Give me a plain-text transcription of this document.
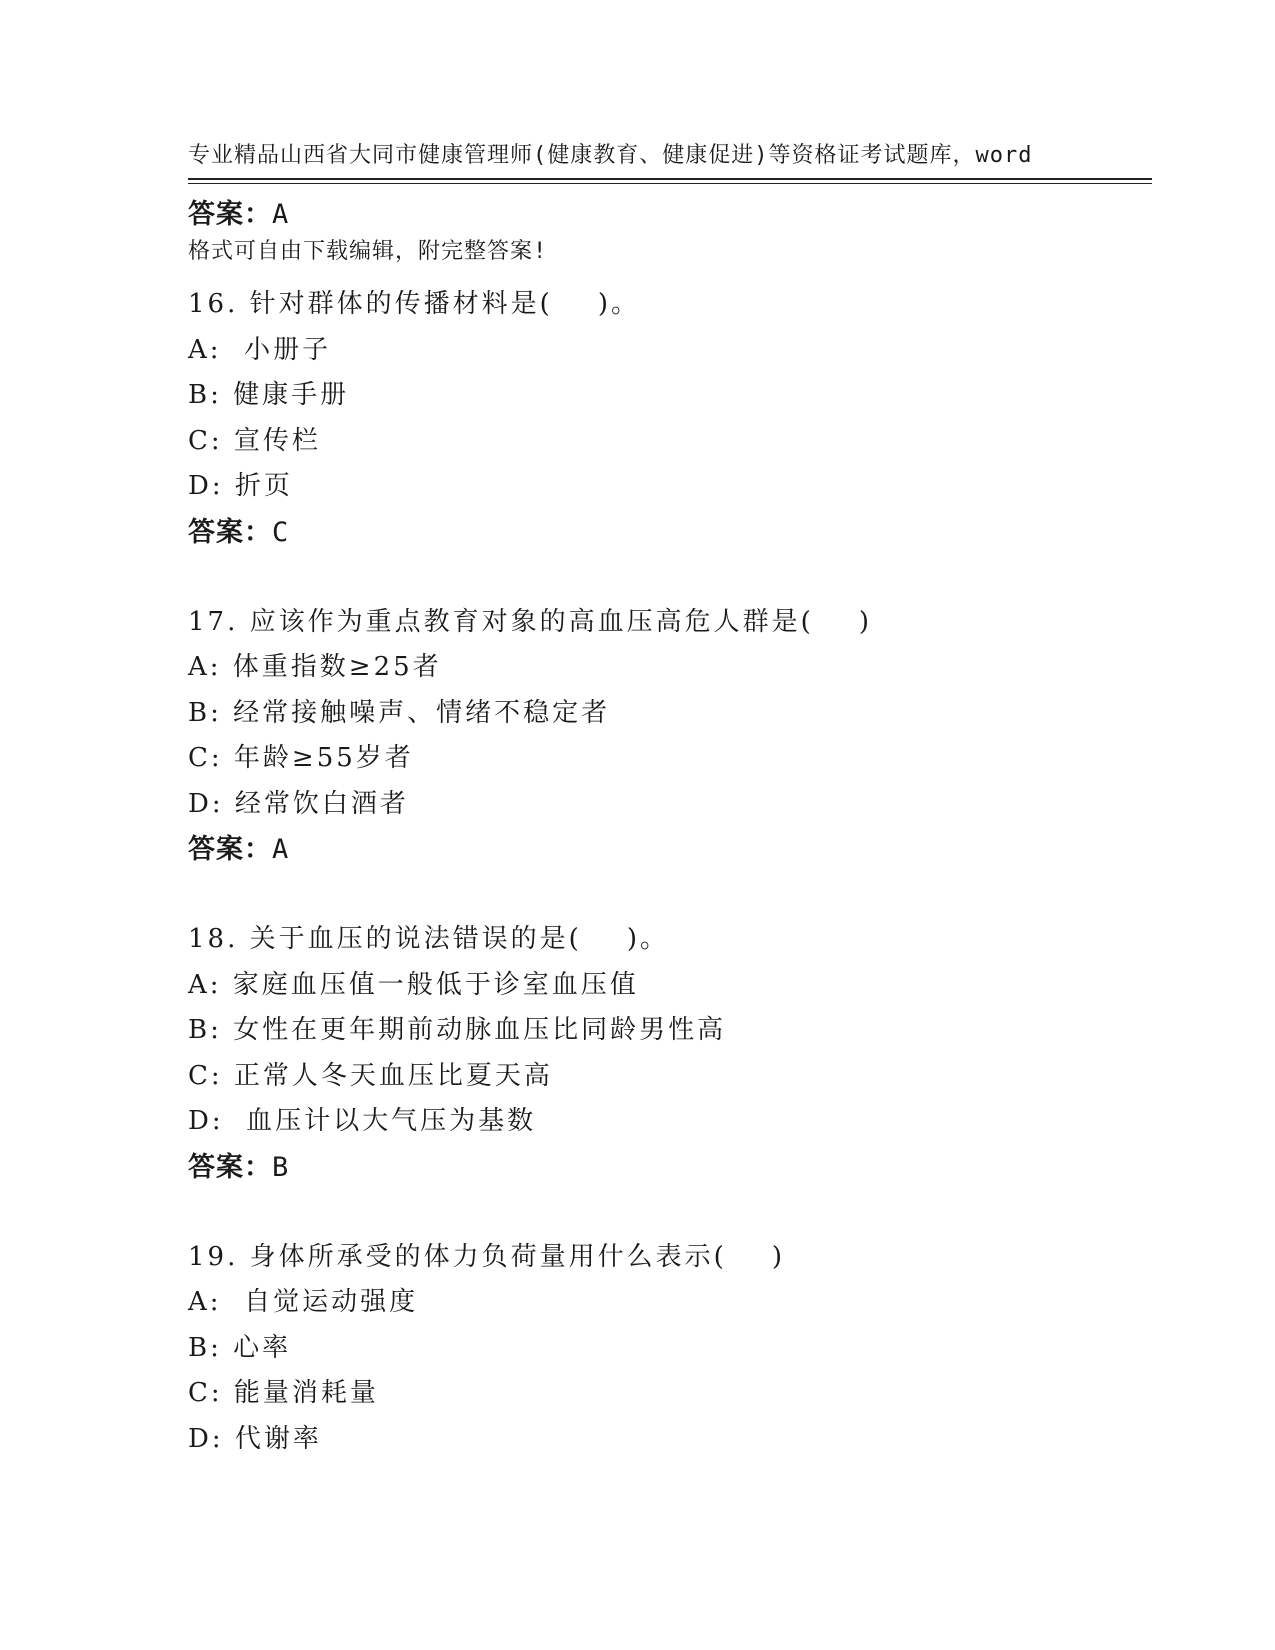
专业精品山西省大同市健康管理师(健康教育、健康促进)等资格证考试题库，word

格式可自由下载编辑，附完整答案!

答案：A
16. 针对群体的传播材料是(    )。
A:  小册子
B: 健康手册
C: 宣传栏
D: 折页
答案：C
17. 应该作为重点教育对象的高血压高危人群是(    )
A: 体重指数≥25者
B: 经常接触噪声、情绪不稳定者
C: 年龄≥55岁者
D: 经常饮白酒者
答案：A
18. 关于血压的说法错误的是(    )。
A: 家庭血压值一般低于诊室血压值
B: 女性在更年期前动脉血压比同龄男性高
C: 正常人冬天血压比夏天高
D:  血压计以大气压为基数
答案：B
19. 身体所承受的体力负荷量用什么表示(    )
A:  自觉运动强度
B: 心率
C: 能量消耗量
D: 代谢率
